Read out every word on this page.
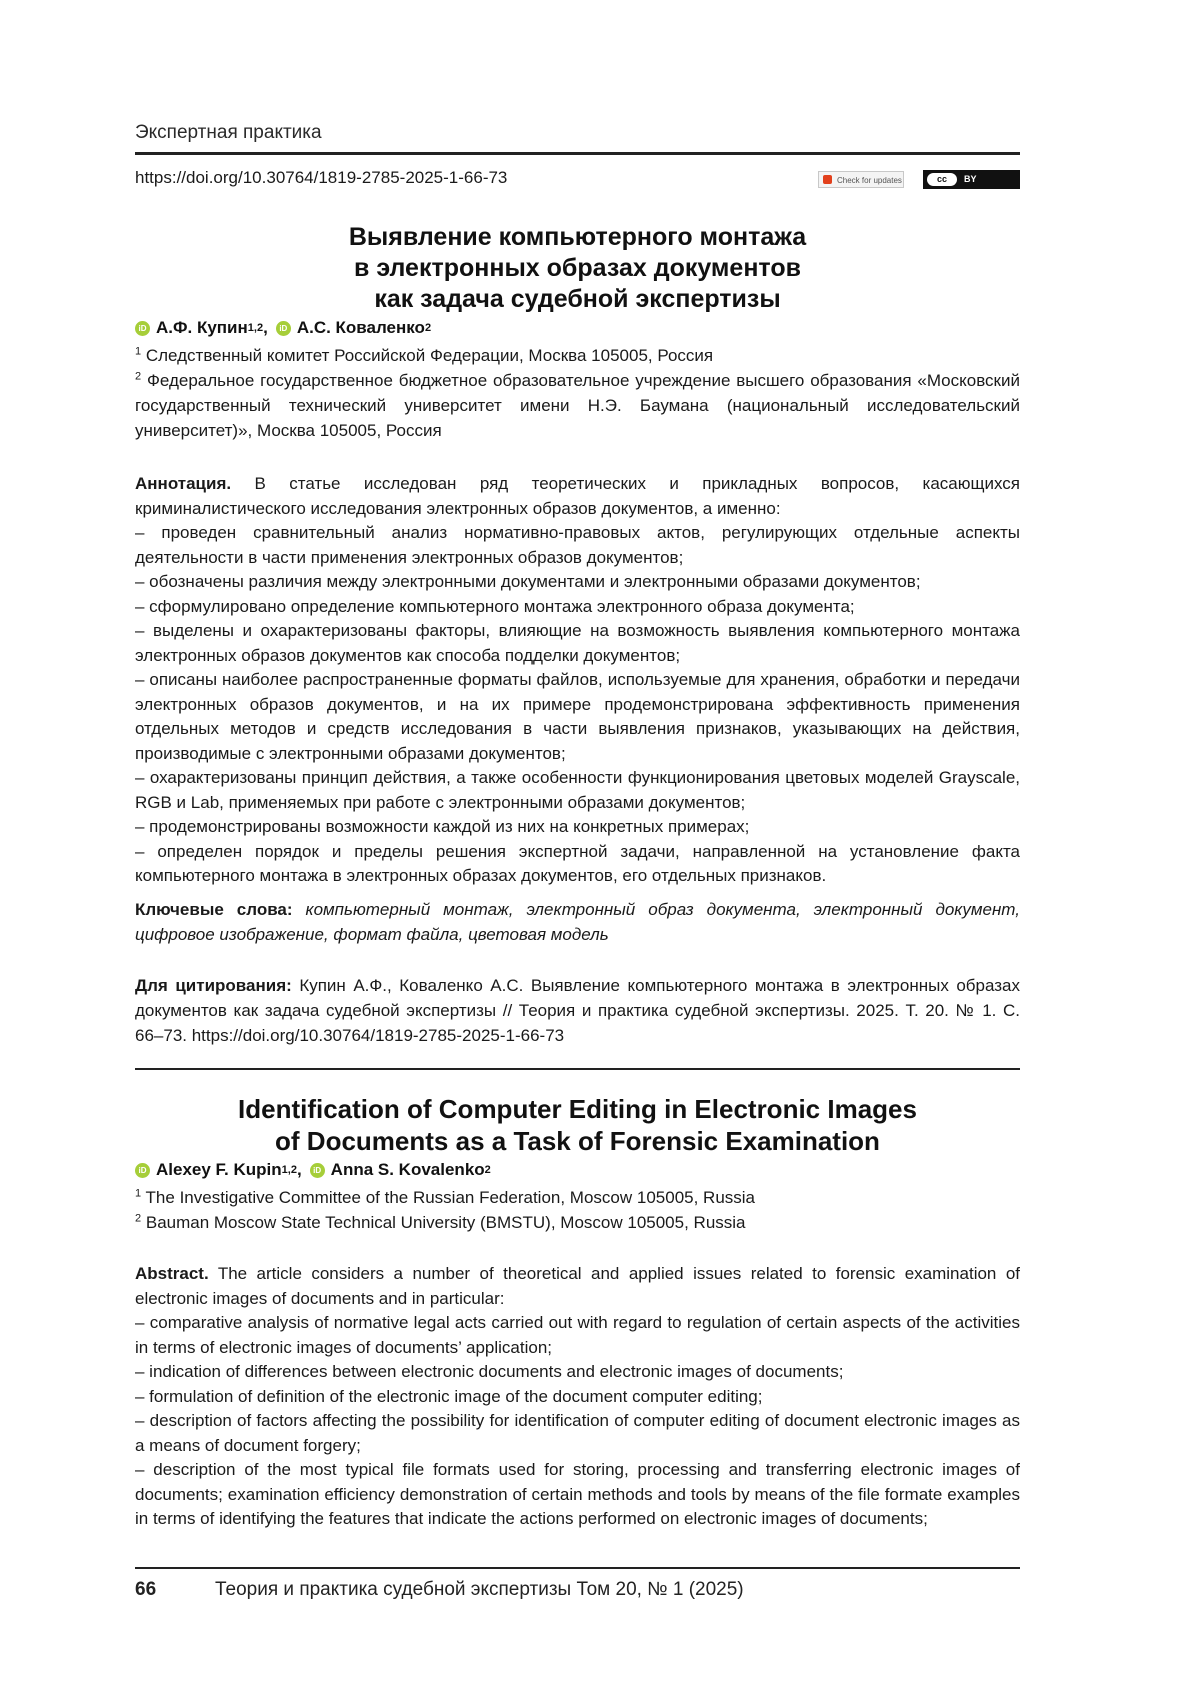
Экспертная практика
https://doi.org/10.30764/1819-2785-2025-1-66-73	Check for updates	cc	BY
Выявление компьютерного монтажа
в электронных образах документов
как задача судебной экспертизы
iD А.Ф. Купин 1,2 ,	iD А.С. Коваленко 2
$^1$ Следственный комитет Российской Федерации, Москва 105005, Россия
$^2$ Федеральное государственное бюджетное образовательное учреждение высшего образования «Московский государственный технический университет имени Н.Э. Баумана (национальный исследовательский университет)», Москва 105005, Россия

Аннотация. В статье исследован ряд теоретических и прикладных вопросов, касающихся криминалистического исследования электронных образов документов, а именно:

– проведен сравнительный анализ нормативно-правовых актов, регулирующих отдельные аспекты деятельности в части применения электронных образов документов;

– обозначены различия между электронными документами и электронными образами документов;

– сформулировано определение компьютерного монтажа электронного образа документа;

– выделены и охарактеризованы факторы, влияющие на возможность выявления компьютерного монтажа электронных образов документов как способа подделки документов;

– описаны наиболее распространенные форматы файлов, используемые для хранения, обработки и передачи электронных образов документов, и на их примере продемонстрирована эффективность применения отдельных методов и средств исследования в части выявления признаков, указывающих на действия, производимые с электронными образами документов;

– охарактеризованы принцип действия, а также особенности функционирования цветовых моделей Grayscale, RGB и Lab, применяемых при работе с электронными образами документов;

– продемонстрированы возможности каждой из них на конкретных примерах;

– определен порядок и пределы решения экспертной задачи, направленной на установление факта компьютерного монтажа в электронных образах документов, его отдельных признаков.

Ключевые слова: компьютерный монтаж, электронный образ документа, электронный документ, цифровое изображение, формат файла, цветовая модель
Для цитирования: Купин А.Ф., Коваленко А.С. Выявление компьютерного монтажа в электронных образах документов как задача судебной экспертизы // Теория и практика судебной экспертизы. 2025. Т. 20. № 1. С. 66–73. https://doi.org/10.30764/1819-2785-2025-1-66-73
Identification of Computer Editing in Electronic Images
of Documents as a Task of Forensic Examination
iD Alexey F. Kupin 1,2 ,	iD Anna S. Kovalenko 2
$^1$ The Investigative Committee of the Russian Federation, Moscow 105005, Russia
$^2$ Bauman Moscow State Technical University (BMSTU), Moscow 105005, Russia

Abstract. The article considers a number of theoretical and applied issues related to forensic examination of electronic images of documents and in particular:

– comparative analysis of normative legal acts carried out with regard to regulation of certain aspects of the activities in terms of electronic images of documents’ application;

– indication of differences between electronic documents and electronic images of documents;

– formulation of definition of the electronic image of the document computer editing;

– description of factors affecting the possibility for identification of computer editing of document electronic images as a means of document forgery;

– description of the most typical file formats used for storing, processing and transferring electronic images of documents; examination efficiency demonstration of certain methods and tools by means of the file formate examples in terms of identifying the features that indicate the actions performed on electronic images of documents;

66	Теория и практика судебной экспертизы Том 20, № 1 (2025)
